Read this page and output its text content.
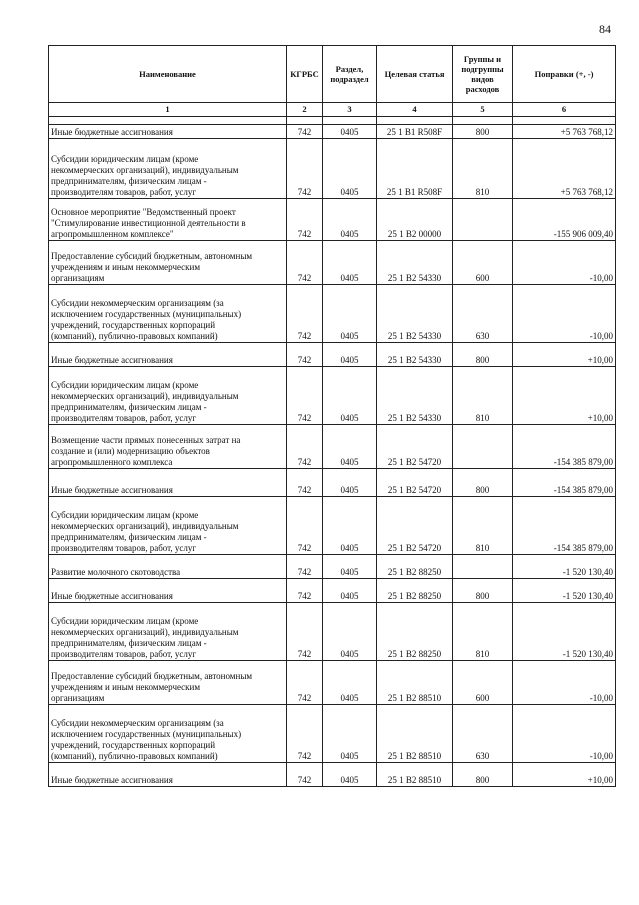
84
Наименование	КГРБС	Раздел, подраздел	Целевая статья	Группы и подгруппы видов расходов	Поправки (+, -)
1	2	3	4	5	6

Иные бюджетные ассигнования	742	0405	25 1 B1 R508F	800	+5 763 768,12
Субсидии юридическим лицам (кроме
некоммерческих организаций), индивидуальным
предпринимателям, физическим лицам -
производителям товаров, работ, услуг	742	0405	25 1 B1 R508F	810	+5 763 768,12
Основное мероприятие "Ведомственный проект
"Стимулирование инвестиционной деятельности в
агропромышленном комплексе"	742	0405	25 1 B2 00000		-155 906 009,40
Предоставление субсидий бюджетным, автономным
учреждениям и иным некоммерческим
организациям	742	0405	25 1 B2 54330	600	-10,00
Субсидии некоммерческим организациям (за
исключением государственных (муниципальных)
учреждений, государственных корпораций
(компаний), публично-правовых компаний)	742	0405	25 1 B2 54330	630	-10,00
Иные бюджетные ассигнования	742	0405	25 1 B2 54330	800	+10,00
Субсидии юридическим лицам (кроме
некоммерческих организаций), индивидуальным
предпринимателям, физическим лицам -
производителям товаров, работ, услуг	742	0405	25 1 B2 54330	810	+10,00
Возмещение части прямых понесенных затрат на
создание и (или) модернизацию объектов
агропромышленного комплекса	742	0405	25 1 B2 54720		-154 385 879,00
Иные бюджетные ассигнования	742	0405	25 1 B2 54720	800	-154 385 879,00
Субсидии юридическим лицам (кроме
некоммерческих организаций), индивидуальным
предпринимателям, физическим лицам -
производителям товаров, работ, услуг	742	0405	25 1 B2 54720	810	-154 385 879,00
Развитие молочного скотоводства	742	0405	25 1 B2 88250		-1 520 130,40
Иные бюджетные ассигнования	742	0405	25 1 B2 88250	800	-1 520 130,40
Субсидии юридическим лицам (кроме
некоммерческих организаций), индивидуальным
предпринимателям, физическим лицам -
производителям товаров, работ, услуг	742	0405	25 1 B2 88250	810	-1 520 130,40
Предоставление субсидий бюджетным, автономным
учреждениям и иным некоммерческим
организациям	742	0405	25 1 B2 88510	600	-10,00
Субсидии некоммерческим организациям (за
исключением государственных (муниципальных)
учреждений, государственных корпораций
(компаний), публично-правовых компаний)	742	0405	25 1 B2 88510	630	-10,00
Иные бюджетные ассигнования	742	0405	25 1 B2 88510	800	+10,00
